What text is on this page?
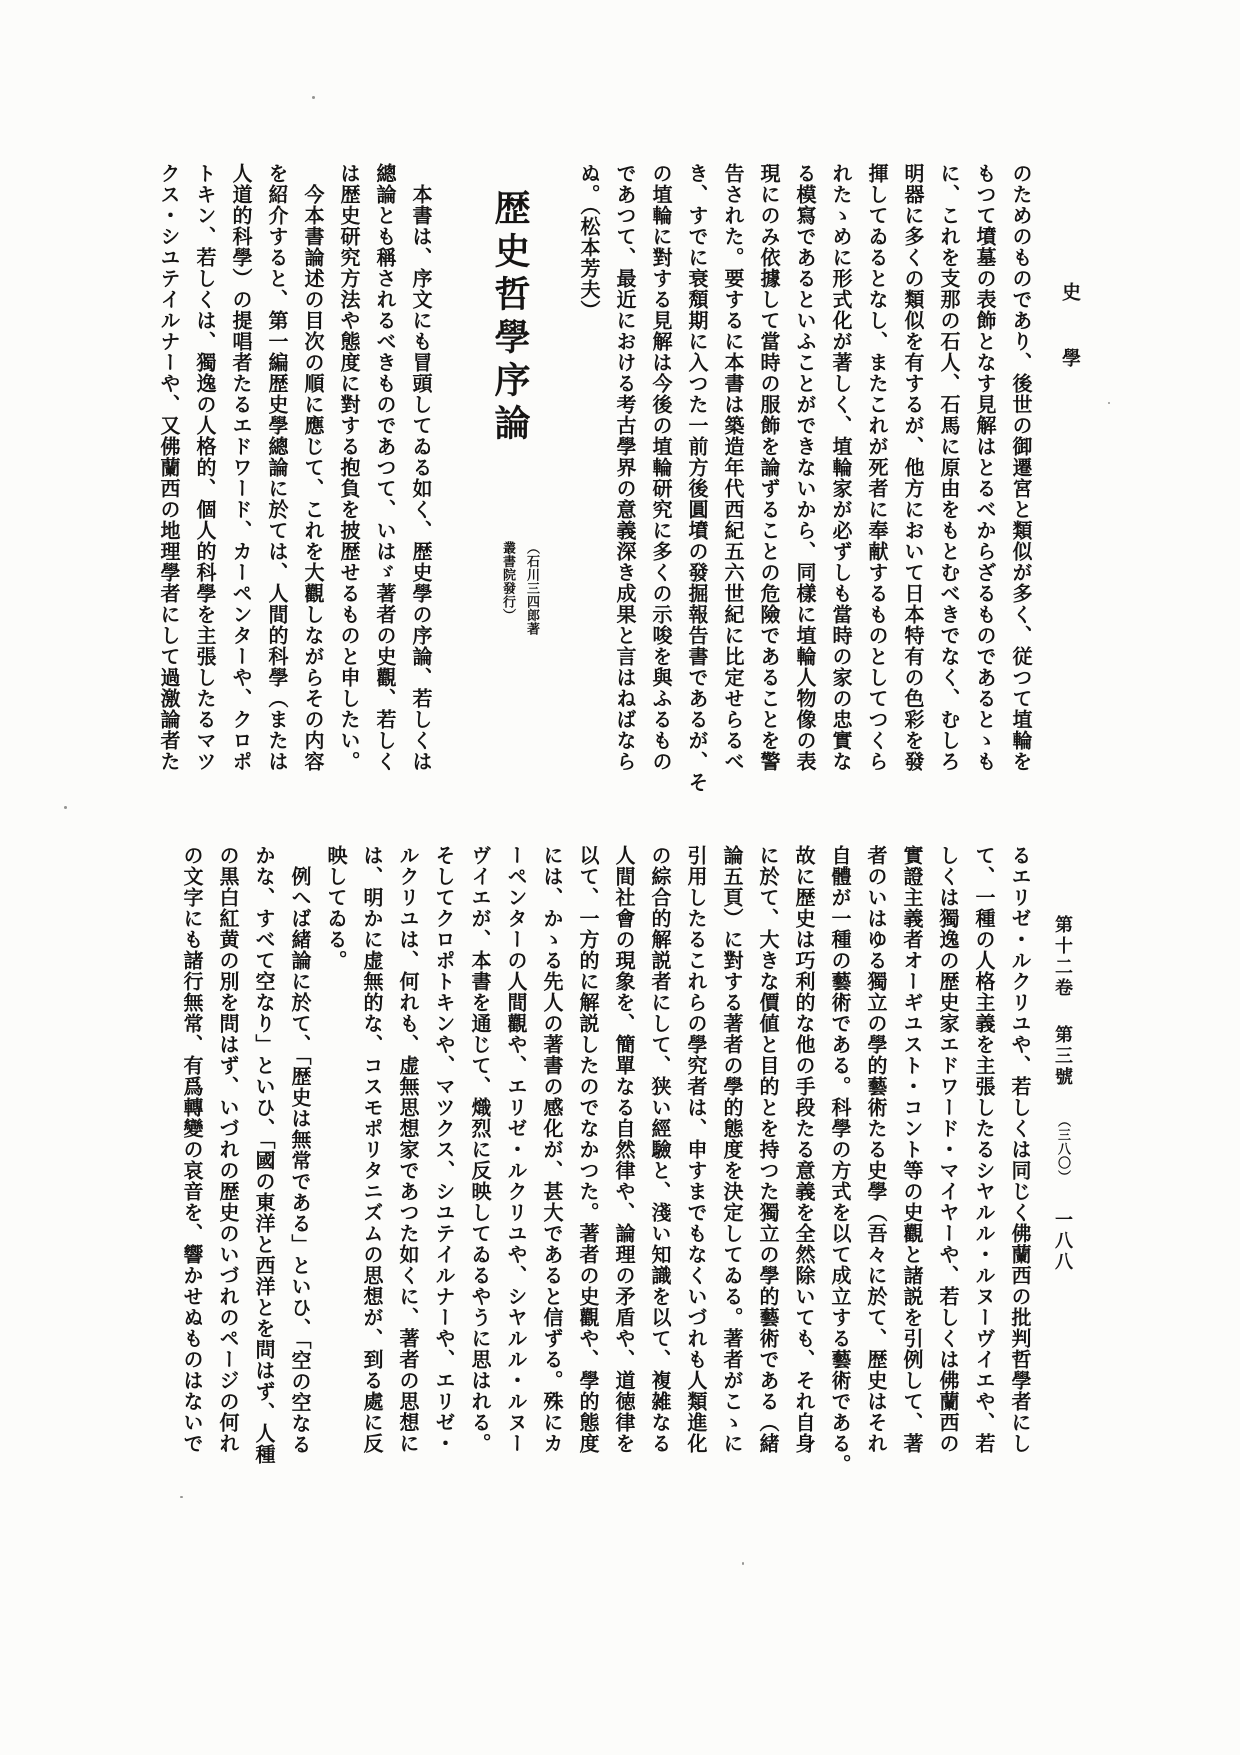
史　學
第十二卷第三號（三八〇）一八八
のためのものであり、後世の御遷宮と類似が多く、従つて埴輪を
もつて墳墓の表飾となす見解はとるべからざるものであるとゝも
に、これを支那の石人、石馬に原由をもとむべきでなく、むしろ
明器に多くの類似を有するが、他方において日本特有の色彩を發
揮してゐるとなし、またこれが死者に奉献するものとしてつくら
れたゝめに形式化が著しく、埴輪家が必ずしも當時の家の忠實な
る模寫であるといふことができないから、同樣に埴輪人物像の表
現にのみ依據して當時の服飾を論ずることの危險であることを警
告された。要するに本書は築造年代西紀五六世紀に比定せらるべ
き、すでに衰頽期に入つた一前方後圓墳の發掘報告書であるが、そ
の埴輪に對する見解は今後の埴輪研究に多くの示唆を與ふるもの
であつて、最近における考古學界の意義深き成果と言はねばなら
ぬ。（松本芳夫）
歴史哲學序論
（石川三四郎著
叢書院發行）
　本書は、序文にも冒頭してゐる如く、歴史學の序論、若しくは
總論とも稱されるべきものであつて、いはゞ著者の史觀、若しく
は歴史研究方法や態度に對する抱負を披歴せるものと申したい。
　今本書論述の目次の順に應じて、これを大觀しながらその内容
を紹介すると、第一編歴史學總論に於ては、人間的科學（または
人道的科學）の提唱者たるエドワード、カーペンターや、クロポ
トキン、若しくは、獨逸の人格的、個人的科學を主張したるマツ
クス・シユテイルナーや、又佛蘭西の地理學者にして過激論者た
るエリゼ・ルクリユや、若しくは同じく佛蘭西の批判哲學者にし
て、一種の人格主義を主張したるシヤルル・ルヌーヴイエや、若
しくは獨逸の歴史家エドワード・マイヤーや、若しくは佛蘭西の
實證主義者オーギユスト・コント等の史觀と諸説を引例して、著
者のいはゆる獨立の學的藝術たる史學（吾々に於て、歴史はそれ
自體が一種の藝術である。科學の方式を以て成立する藝術である。
故に歴史は巧利的な他の手段たる意義を全然除いても、それ自身
に於て、大きな價値と目的とを持つた獨立の學的藝術である（緒
論五頁）に對する著者の學的態度を決定してゐる。著者がこゝに
引用したるこれらの學究者は、申すまでもなくいづれも人類進化
の綜合的解説者にして、狭い經驗と、淺い知識を以て、複雑なる
人間社會の現象を、簡單なる自然律や、論理の矛盾や、道徳律を
以て、一方的に解説したのでなかつた。著者の史觀や、學的態度
には、かゝる先人の著書の感化が、甚大であると信ずる。殊にカ
ーペンターの人間觀や、エリゼ・ルクリユや、シヤルル・ルヌー
ヴイエが、本書を通じて、熾烈に反映してゐるやうに思はれる。
そしてクロポトキンや、マツクス、シユテイルナーや、エリゼ・
ルクリユは、何れも、虚無思想家であつた如くに、著者の思想に
は、明かに虚無的な、コスモポリタニズムの思想が、到る處に反
映してゐる。
　例へば緒論に於て、「歴史は無常である」といひ、「空の空なる
かな、すべて空なり」といひ、「國の東洋と西洋とを問はず、人種
の黒白紅黄の別を問はず、いづれの歴史のいづれのページの何れ
の文字にも諸行無常、有爲轉變の哀音を、響かせぬものはないで
